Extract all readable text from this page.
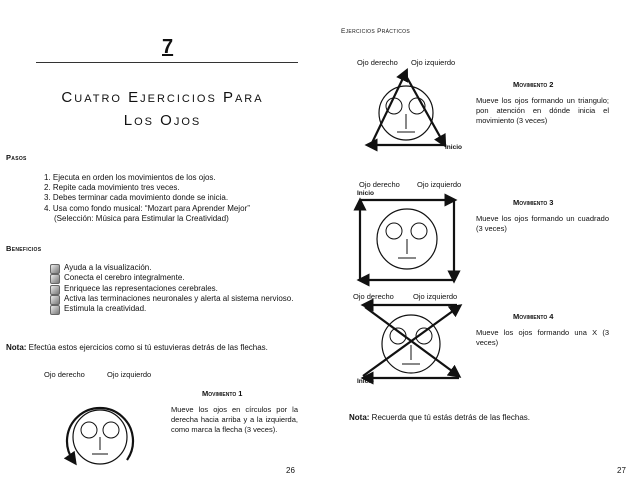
7
Cuatro Ejercicios Para
Los Ojos
Pasos
1. Ejecuta en orden los movimientos de los ojos.
2. Repite cada movimiento tres veces.
3. Debes terminar cada movimiento donde se inicia.
4. Usa como fondo musical: “Mozart para Aprender Mejor”
(Selección: Música para Estimular la Creatividad)
Beneficios
Ayuda a la visualización.
Conecta el cerebro integralmente.
Enriquece las representaciones cerebrales.
Activa las terminaciones neuronales y alerta al sistema nervioso.
Estimula la creatividad.
Nota: Efectúa estos ejercicios como si tú estuvieras detrás de las flechas.
Ojo derecho	Ojo izquierdo
Movimiento 1
Mueve los ojos en círculos por la derecha hacia arriba y a la izquierda, como marca la flecha (3 veces).
26
Ejercicios Prácticos
Ojo derecho Ojo izquierdo
Inicio
Movimiento 2
Mueve los ojos formando un triangulo; pon atención en dónde inicia el movimiento (3 veces)
Ojo derecho Ojo izquierdo
Inicio
Movimiento 3
Mueve los ojos formando un cuadrado (3 veces)
Ojo derecho	Ojo izquierdo
Inicio
Movimiento 4
Mueve los ojos formando una X (3 veces)
Nota: Recuerda que tú estás detrás de las flechas.
27
